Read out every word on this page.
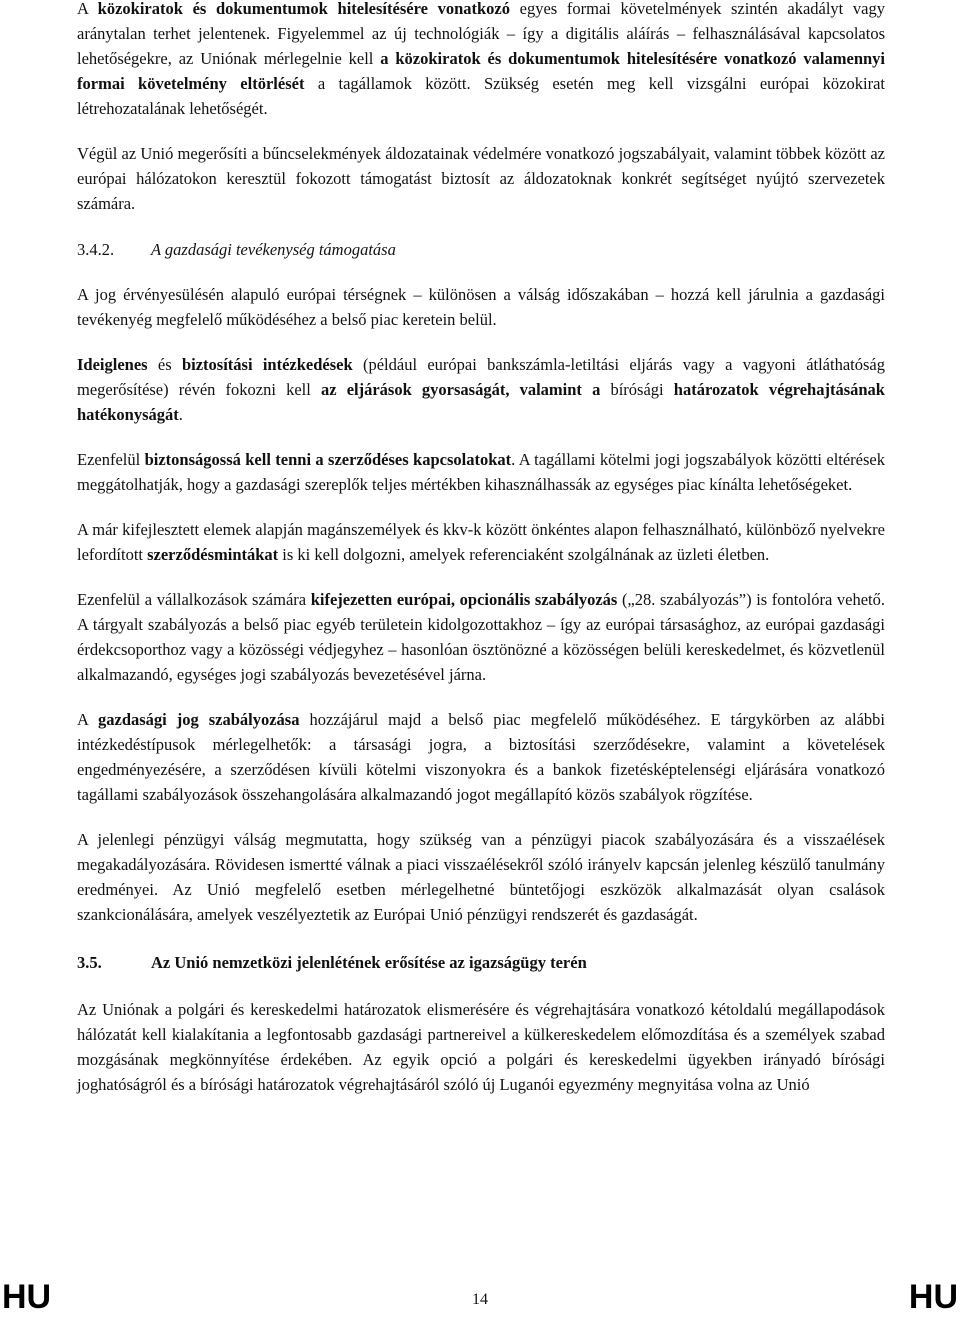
A közokiratok és dokumentumok hitelesítésére vonatkozó egyes formai követelmények szintén akadályt vagy aránytalan terhet jelentenek. Figyelemmel az új technológiák – így a digitális aláírás – felhasználásával kapcsolatos lehetőségekre, az Uniónak mérlegelnie kell a közokiratok és dokumentumok hitelesítésére vonatkozó valamennyi formai követelmény eltörlését a tagállamok között. Szükség esetén meg kell vizsgálni európai közokirat létrehozatalának lehetőségét.

Végül az Unió megerősíti a bűncselekmények áldozatainak védelmére vonatkozó jogszabályait, valamint többek között az európai hálózatokon keresztül fokozott támogatást biztosít az áldozatoknak konkrét segítséget nyújtó szervezetek számára.

3.4.2. A gazdasági tevékenység támogatása

A jog érvényesülésén alapuló európai térségnek – különösen a válság időszakában – hozzá kell járulnia a gazdasági tevékenyég megfelelő működéséhez a belső piac keretein belül.

Ideiglenes és biztosítási intézkedések (például európai bankszámla-letiltási eljárás vagy a vagyoni átláthatóság megerősítése) révén fokozni kell az eljárások gyorsaságát, valamint a bírósági határozatok végrehajtásának hatékonyságát.

Ezenfelül biztonságossá kell tenni a szerződéses kapcsolatokat. A tagállami kötelmi jogi jogszabályok közötti eltérések meggátolhatják, hogy a gazdasági szereplők teljes mértékben kihasználhassák az egységes piac kínálta lehetőségeket.

A már kifejlesztett elemek alapján magánszemélyek és kkv-k között önkéntes alapon felhasználható, különböző nyelvekre lefordított szerződésmintákat is ki kell dolgozni, amelyek referenciaként szolgálnának az üzleti életben.

Ezenfelül a vállalkozások számára kifejezetten európai, opcionális szabályozás („28. szabályozás”) is fontolóra vehető. A tárgyalt szabályozás a belső piac egyéb területein kidolgozottakhoz – így az európai társasághoz, az európai gazdasági érdekcsoporthoz vagy a közösségi védjegyhez – hasonlóan ösztönözné a közösségen belüli kereskedelmet, és közvetlenül alkalmazandó, egységes jogi szabályozás bevezetésével járna.

A gazdasági jog szabályozása hozzájárul majd a belső piac megfelelő működéséhez. E tárgykörben az alábbi intézkedéstípusok mérlegelhetők: a társasági jogra, a biztosítási szerződésekre, valamint a követelések engedményezésére, a szerződésen kívüli kötelmi viszonyokra és a bankok fizetésképtelenségi eljárására vonatkozó tagállami szabályozások összehangolására alkalmazandó jogot megállapító közös szabályok rögzítése.

A jelenlegi pénzügyi válság megmutatta, hogy szükség van a pénzügyi piacok szabályozására és a visszaélések megakadályozására. Rövidesen ismertté válnak a piaci visszaélésekről szóló irányelv kapcsán jelenleg készülő tanulmány eredményei. Az Unió megfelelő esetben mérlegelhetné büntetőjogi eszközök alkalmazását olyan csalások szankcionálására, amelyek veszélyeztetik az Európai Unió pénzügyi rendszerét és gazdaságát.

3.5.	Az Unió nemzetközi jelenlétének erősítése az igazságügy terén

Az Uniónak a polgári és kereskedelmi határozatok elismerésére és végrehajtására vonatkozó kétoldalú megállapodások hálózatát kell kialakítania a legfontosabb gazdasági partnereivel a külkereskedelem előmozdítása és a személyek szabad mozgásának megkönnyítése érdekében. Az egyik opció a polgári és kereskedelmi ügyekben irányadó bírósági joghatóságról és a bírósági határozatok végrehajtásáról szóló új Luganói egyezmény megnyitása volna az Unió

HU	14	HU
